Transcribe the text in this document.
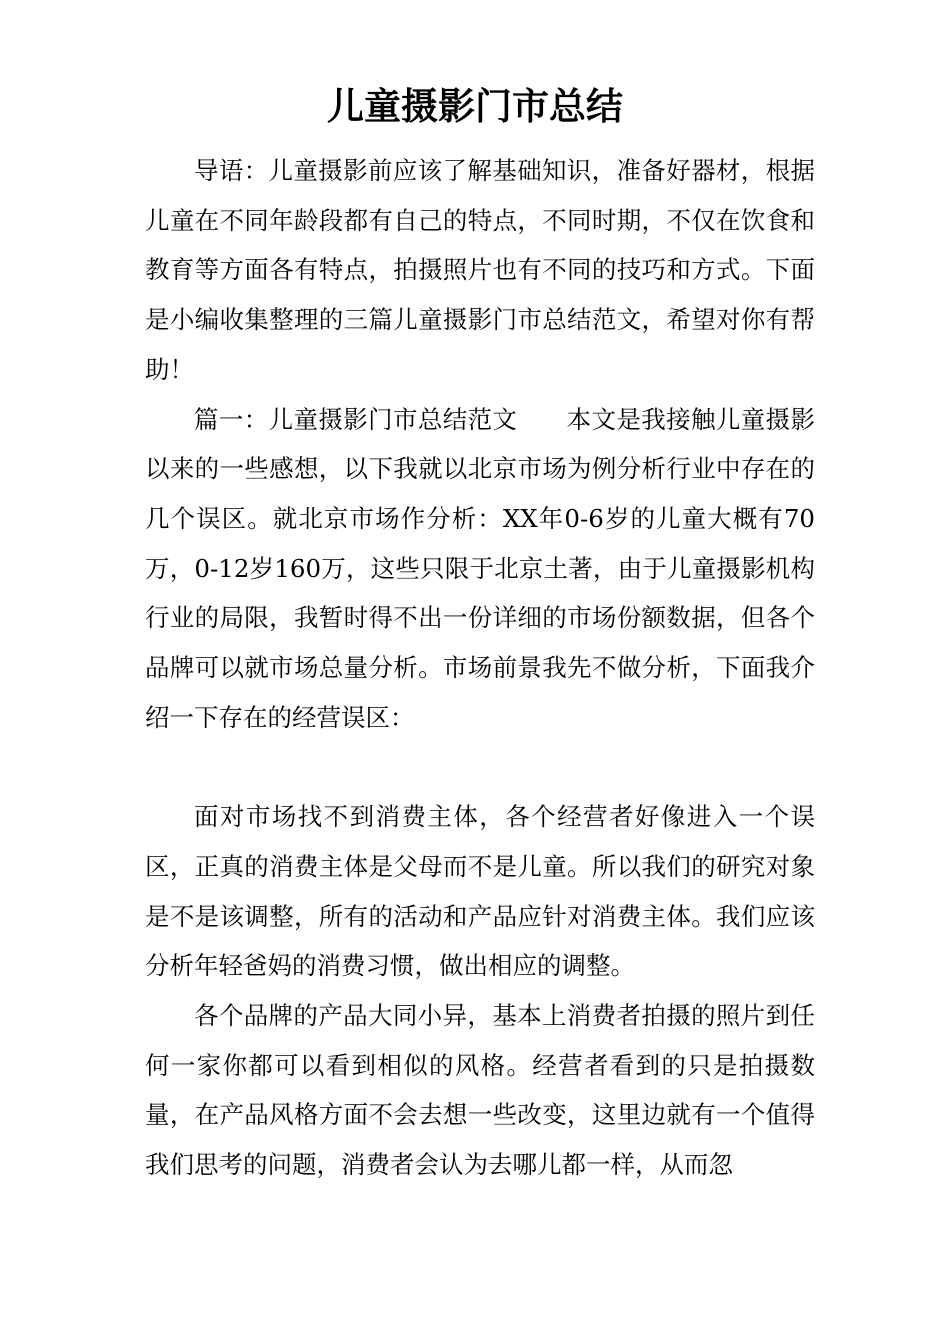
儿童摄影门市总结

导语：儿童摄影前应该了解基础知识，准备好器材，根据儿童在不同年龄段都有自己的特点，不同时期，不仅在饮食和教育等方面各有特点，拍摄照片也有不同的技巧和方式。下面是小编收集整理的三篇儿童摄影门市总结范文，希望对你有帮助！

篇一：儿童摄影门市总结范文 本文是我接触儿童摄影以来的一些感想，以下我就以北京市场为例分析行业中存在的几个误区。就北京市场作分析：XX年0-6岁的儿童大概有70万，0-12岁160万，这些只限于北京土著，由于儿童摄影机构行业的局限，我暂时得不出一份详细的市场份额数据，但各个品牌可以就市场总量分析。市场前景我先不做分析，下面我介绍一下存在的经营误区：

面对市场找不到消费主体，各个经营者好像进入一个误区，正真的消费主体是父母而不是儿童。所以我们的研究对象是不是该调整，所有的活动和产品应针对消费主体。我们应该分析年轻爸妈的消费习惯，做出相应的调整。

各个品牌的产品大同小异，基本上消费者拍摄的照片到任何一家你都可以看到相似的风格。经营者看到的只是拍摄数量，在产品风格方面不会去想一些改变，这里边就有一个值得我们思考的问题，消费者会认为去哪儿都一样，从而忽
